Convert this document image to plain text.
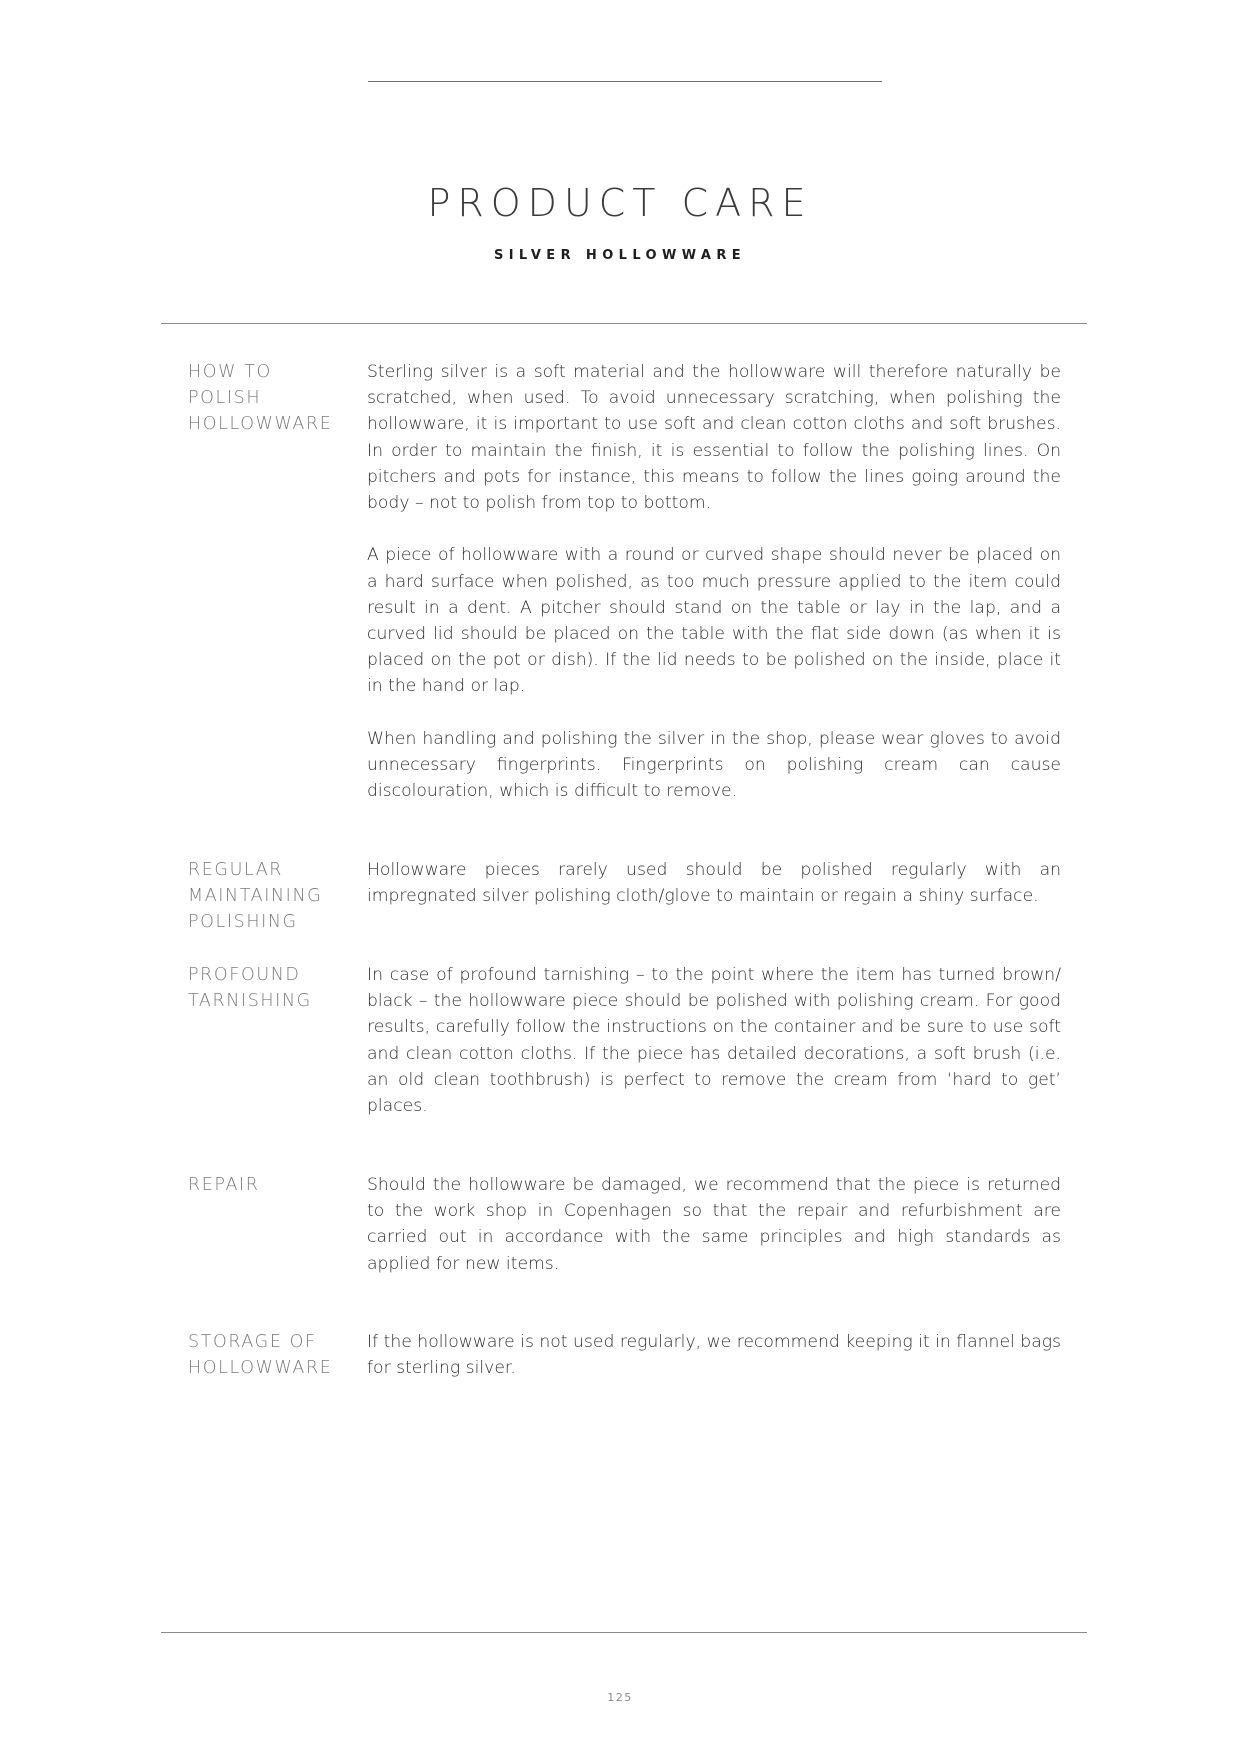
PRODUCT CARE
SILVER HOLLOWWARE
HOW TO
POLISH
HOLLOWWARE

Sterling silver is a soft material and the hollowware will therefore naturally be scratched, when used. To avoid unnecessary scratching, when polishing the hollowware, it is important to use soft and clean cotton cloths and soft brushes. In order to maintain the finish, it is essential to follow the polishing lines. On pitchers and pots for instance, this means to follow the lines going around the body – not to polish from top to bottom.

A piece of hollowware with a round or curved shape should never be placed on a hard surface when polished, as too much pressure applied to the item could result in a dent. A pitcher should stand on the table or lay in the lap, and a curved lid should be placed on the table with the flat side down (as when it is placed on the pot or dish). If the lid needs to be polished on the inside, place it in the hand or lap.

When handling and polishing the silver in the shop, please wear gloves to avoid unnecessary fingerprints. Fingerprints on polishing cream can cause discolouration, which is difficult to remove.

REGULAR
MAINTAINING
POLISHING

Hollowware pieces rarely used should be polished regularly with an impregnated silver polishing cloth/glove to maintain or regain a shiny surface.

PROFOUND
TARNISHING

In case of profound tarnishing – to the point where the item has turned brown/ black – the hollowware piece should be polished with polishing cream. For good results, carefully follow the instructions on the container and be sure to use soft and clean cotton cloths. If the piece has detailed decorations, a soft brush (i.e. an old clean toothbrush) is perfect to remove the cream from ‘hard to get’ places.

REPAIR	Should the hollowware be damaged, we recommend that the piece is returned to the work shop in Copenhagen so that the repair and refurbishment are carried out in accordance with the same principles and high standards as applied for new items.

STORAGE OF
HOLLOWWARE

If the hollowware is not used regularly, we recommend keeping it in flannel bags for sterling silver.

125
